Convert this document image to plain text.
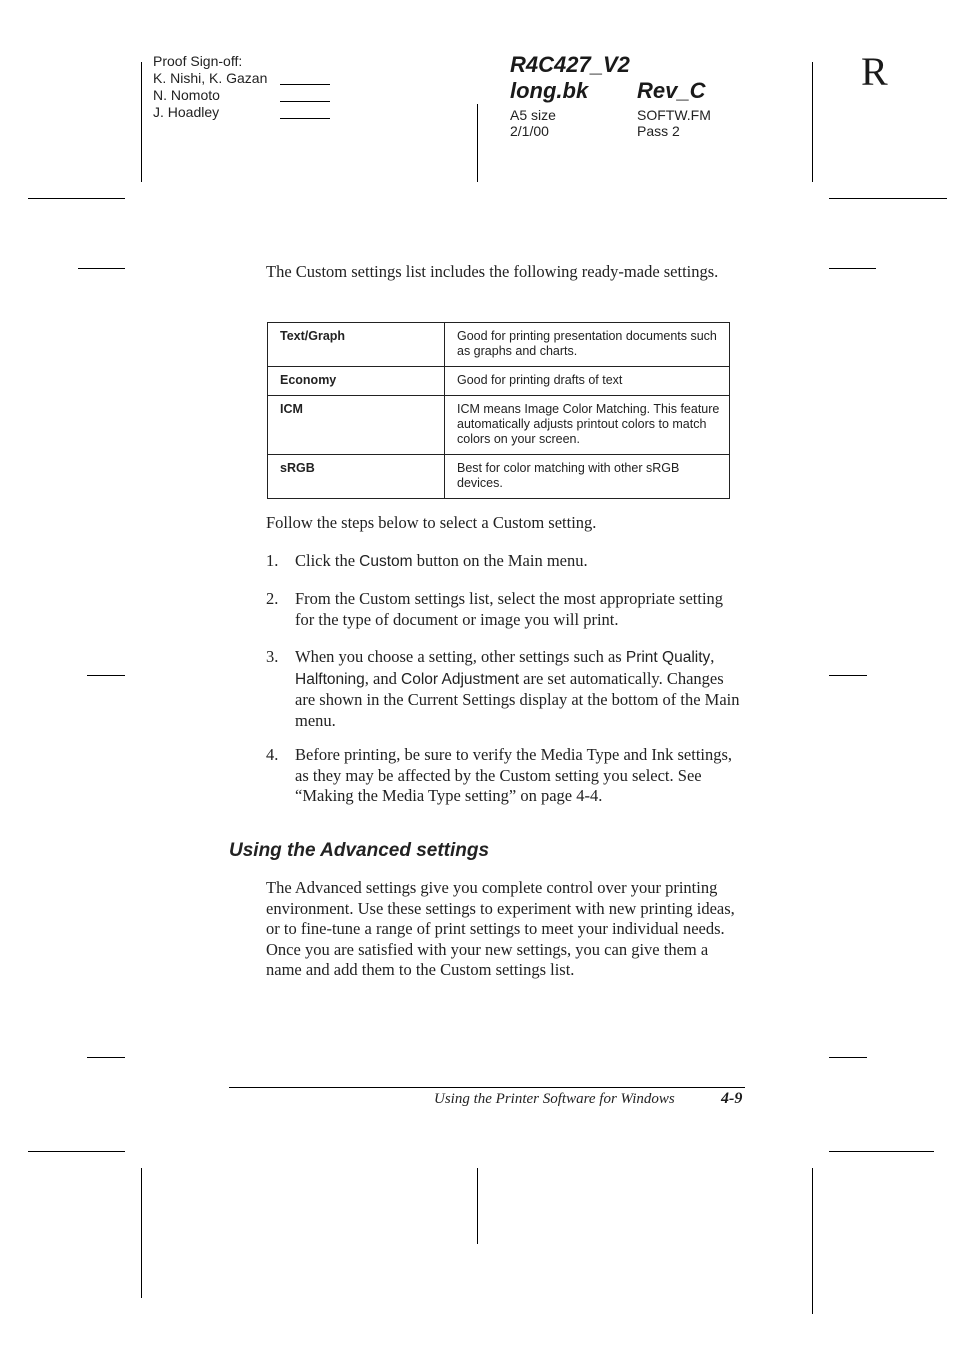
Proof Sign-off:
K. Nishi, K. Gazan
N. Nomoto
J. Hoadley
R4C427_V2
long.bk Rev_C
A5 size	SOFTW.FM
2/1/00	Pass 2
R
The Custom settings list includes the following ready-made settings.
Text/Graph	Good for printing presentation documents such as graphs and charts.
Economy	Good for printing drafts of text
ICM	ICM means Image Color Matching. This feature automatically adjusts printout colors to match colors on your screen.
sRGB	Best for color matching with other sRGB devices.
Follow the steps below to select a Custom setting.
1. Click the Custom button on the Main menu.
2. From the Custom settings list, select the most appropriate setting for the type of document or image you will print.
3. When you choose a setting, other settings such as Print Quality, Halftoning, and Color Adjustment are set automatically. Changes are shown in the Current Settings display at the bottom of the Main menu.
4. Before printing, be sure to verify the Media Type and Ink settings, as they may be affected by the Custom setting you select. See “Making the Media Type setting” on page 4-4.
Using the Advanced settings
The Advanced settings give you complete control over your printing environment. Use these settings to experiment with new printing ideas, or to fine-tune a range of print settings to meet your individual needs. Once you are satisfied with your new settings, you can give them a name and add them to the Custom settings list.
Using the Printer Software for Windows	4-9
